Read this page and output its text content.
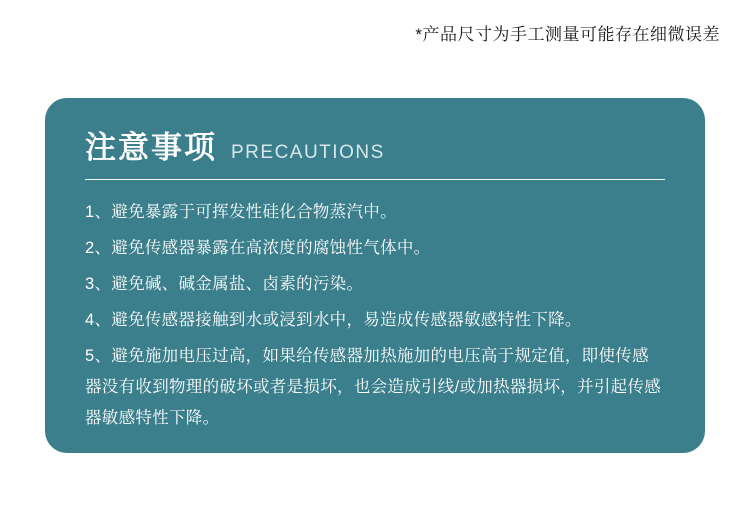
*产品尺寸为手工测量可能存在细微误差
注意事项 PRECAUTIONS
1、避免暴露于可挥发性硅化合物蒸汽中。
2、避免传感器暴露在高浓度的腐蚀性气体中。
3、避免碱、碱金属盐、卤素的污染。
4、避免传感器接触到水或浸到水中，易造成传感器敏感特性下降。
5、避免施加电压过高，如果给传感器加热施加的电压高于规定值，即使传感器没有收到物理的破坏或者是损坏，也会造成引线/或加热器损坏，并引起传感器敏感特性下降。
